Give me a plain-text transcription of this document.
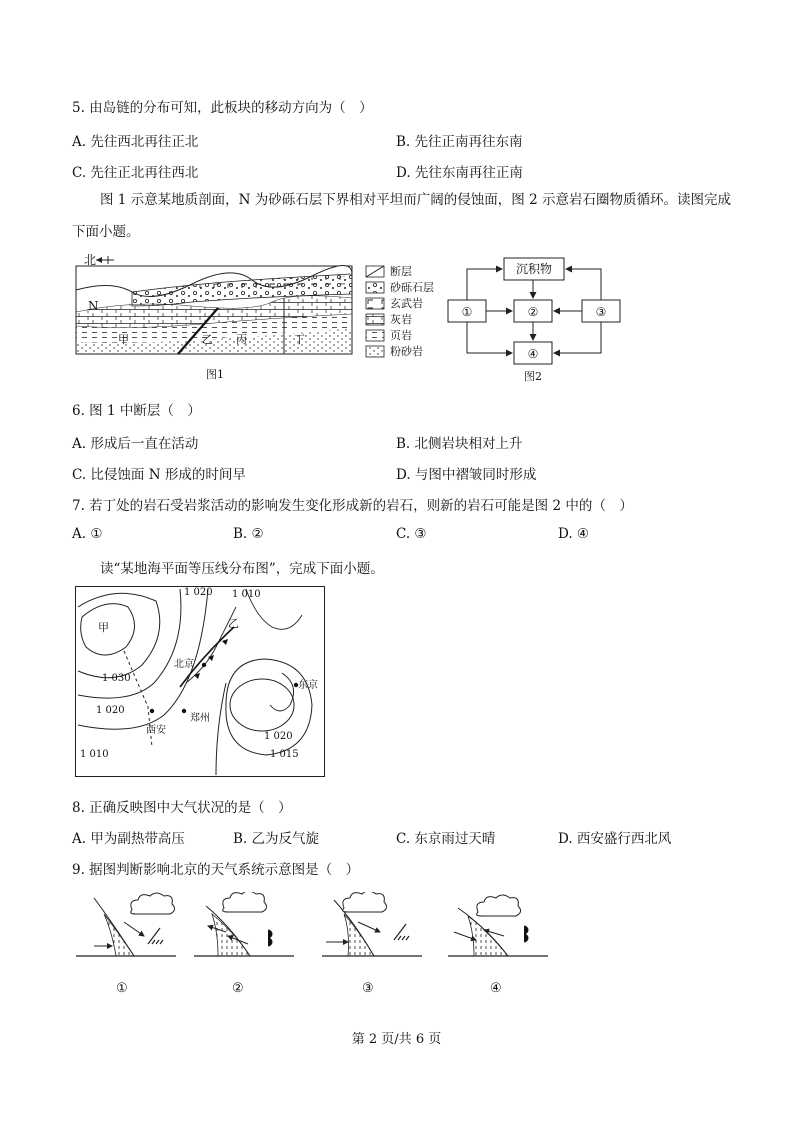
5. 由岛链的分布可知，此板块的移动方向为（　）
A. 先往西北再往正北	B. 先往正南再往东南
C. 先往正北再往西北	D. 先往东南再往正南
图 1 示意某地质剖面，N 为砂砾石层下界相对平坦而广阔的侵蚀面，图 2 示意岩石圈物质循环。读图完成下面小题。
北
N
甲	乙 丙	丁
图1
断层
砂砾石层
玄武岩
灰岩
页岩
粉砂岩
沉积物
①	②	③
④
图2
6. 图 1 中断层（　）
A. 形成后一直在活动	B. 北侧岩块相对上升
C. 比侵蚀面 N 形成的时间早	D. 与图中褶皱同时形成
7. 若丁处的岩石受岩浆活动的影响发生变化形成新的岩石，则新的岩石可能是图 2 中的（　）
A. ①	B. ②	C. ③	D. ④
读“某地海平面等压线分布图”，完成下面小题。
甲	乙
1 020 1 010
1 030
1 020
1 010
1 020
1 015
北京
东京
郑州
西安
8. 正确反映图中大气状况的是（　）
A. 甲为副热带高压	B. 乙为反气旋	C. 东京雨过天晴	D. 西安盛行西北风
9. 据图判断影响北京的天气系统示意图是（　）
①	②	③	④
第 2 页/共 6 页
